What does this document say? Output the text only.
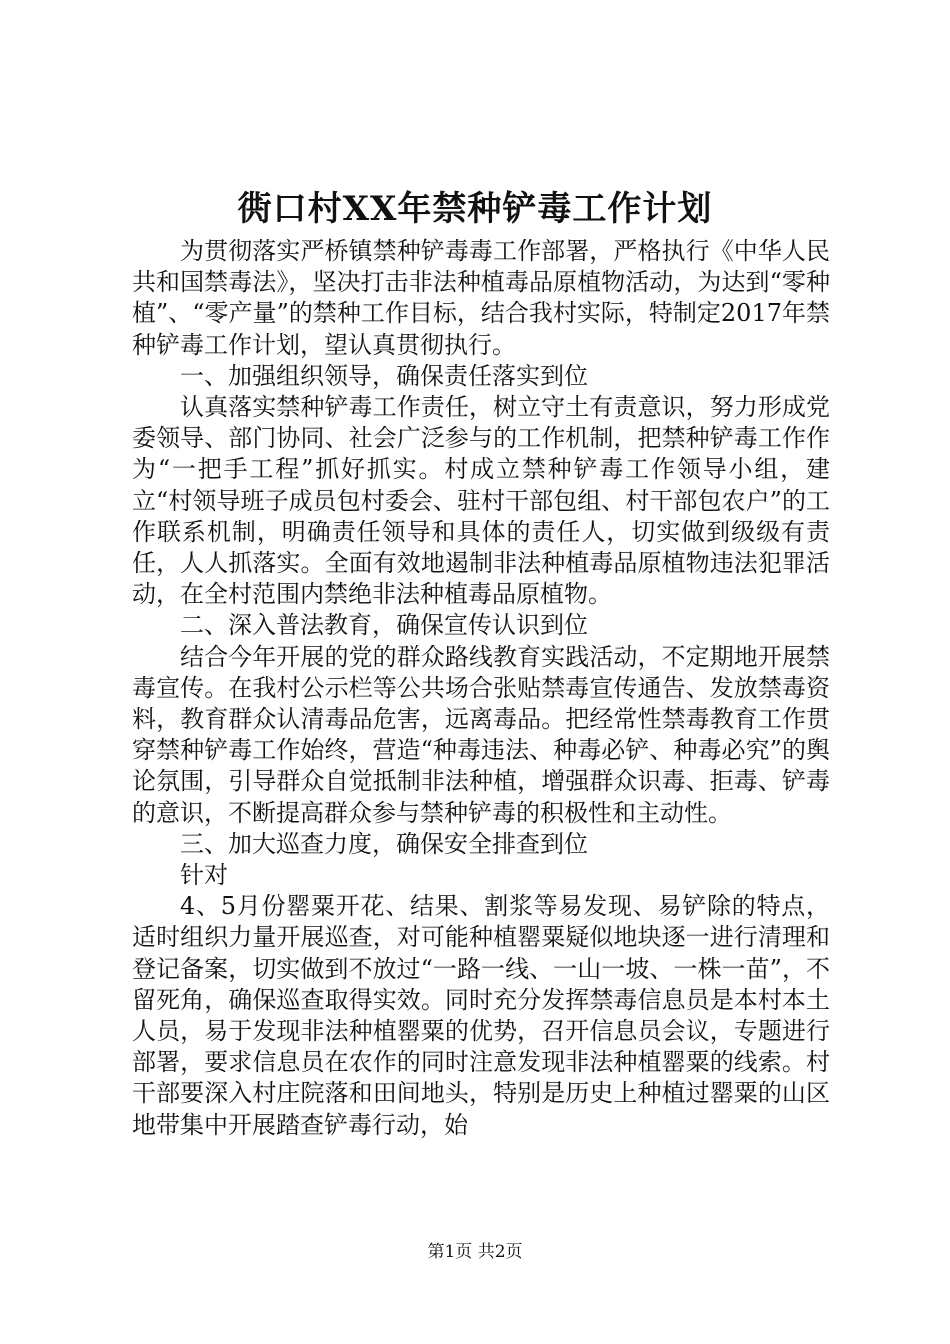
衖口村XX年禁种铲毒工作计划

为贯彻落实严桥镇禁种铲毒毒工作部署，严格执行《中华人民共和国禁毒法》，坚决打击非法种植毒品原植物活动，为达到“零种植”、“零产量”的禁种工作目标，结合我村实际，特制定2017年禁种铲毒工作计划，望认真贯彻执行。

一、加强组织领导，确保责任落实到位

认真落实禁种铲毒工作责任，树立守土有责意识，努力形成党委领导、部门协同、社会广泛参与的工作机制，把禁种铲毒工作作为“一把手工程”抓好抓实。村成立禁种铲毒工作领导小组，建立“村领导班子成员包村委会、驻村干部包组、村干部包农户”的工作联系机制，明确责任领导和具体的责任人，切实做到级级有责任，人人抓落实。全面有效地遏制非法种植毒品原植物违法犯罪活动，在全村范围内禁绝非法种植毒品原植物。

二、深入普法教育，确保宣传认识到位

结合今年开展的党的群众路线教育实践活动，不定期地开展禁毒宣传。在我村公示栏等公共场合张贴禁毒宣传通告、发放禁毒资料，教育群众认清毒品危害，远离毒品。把经常性禁毒教育工作贯穿禁种铲毒工作始终，营造“种毒违法、种毒必铲、种毒必究”的舆论氛围，引导群众自觉抵制非法种植，增强群众识毒、拒毒、铲毒的意识，不断提高群众参与禁种铲毒的积极性和主动性。

三、加大巡查力度，确保安全排查到位

针对

4、5月份罂粟开花、结果、割浆等易发现、易铲除的特点，适时组织力量开展巡查，对可能种植罂粟疑似地块逐一进行清理和登记备案，切实做到不放过“一路一线、一山一坡、一株一苗”，不留死角，确保巡查取得实效。同时充分发挥禁毒信息员是本村本土人员，易于发现非法种植罂粟的优势，召开信息员会议，专题进行部署，要求信息员在农作的同时注意发现非法种植罂粟的线索。村干部要深入村庄院落和田间地头，特别是历史上种植过罂粟的山区地带集中开展踏查铲毒行动，始

第1页 共2页
